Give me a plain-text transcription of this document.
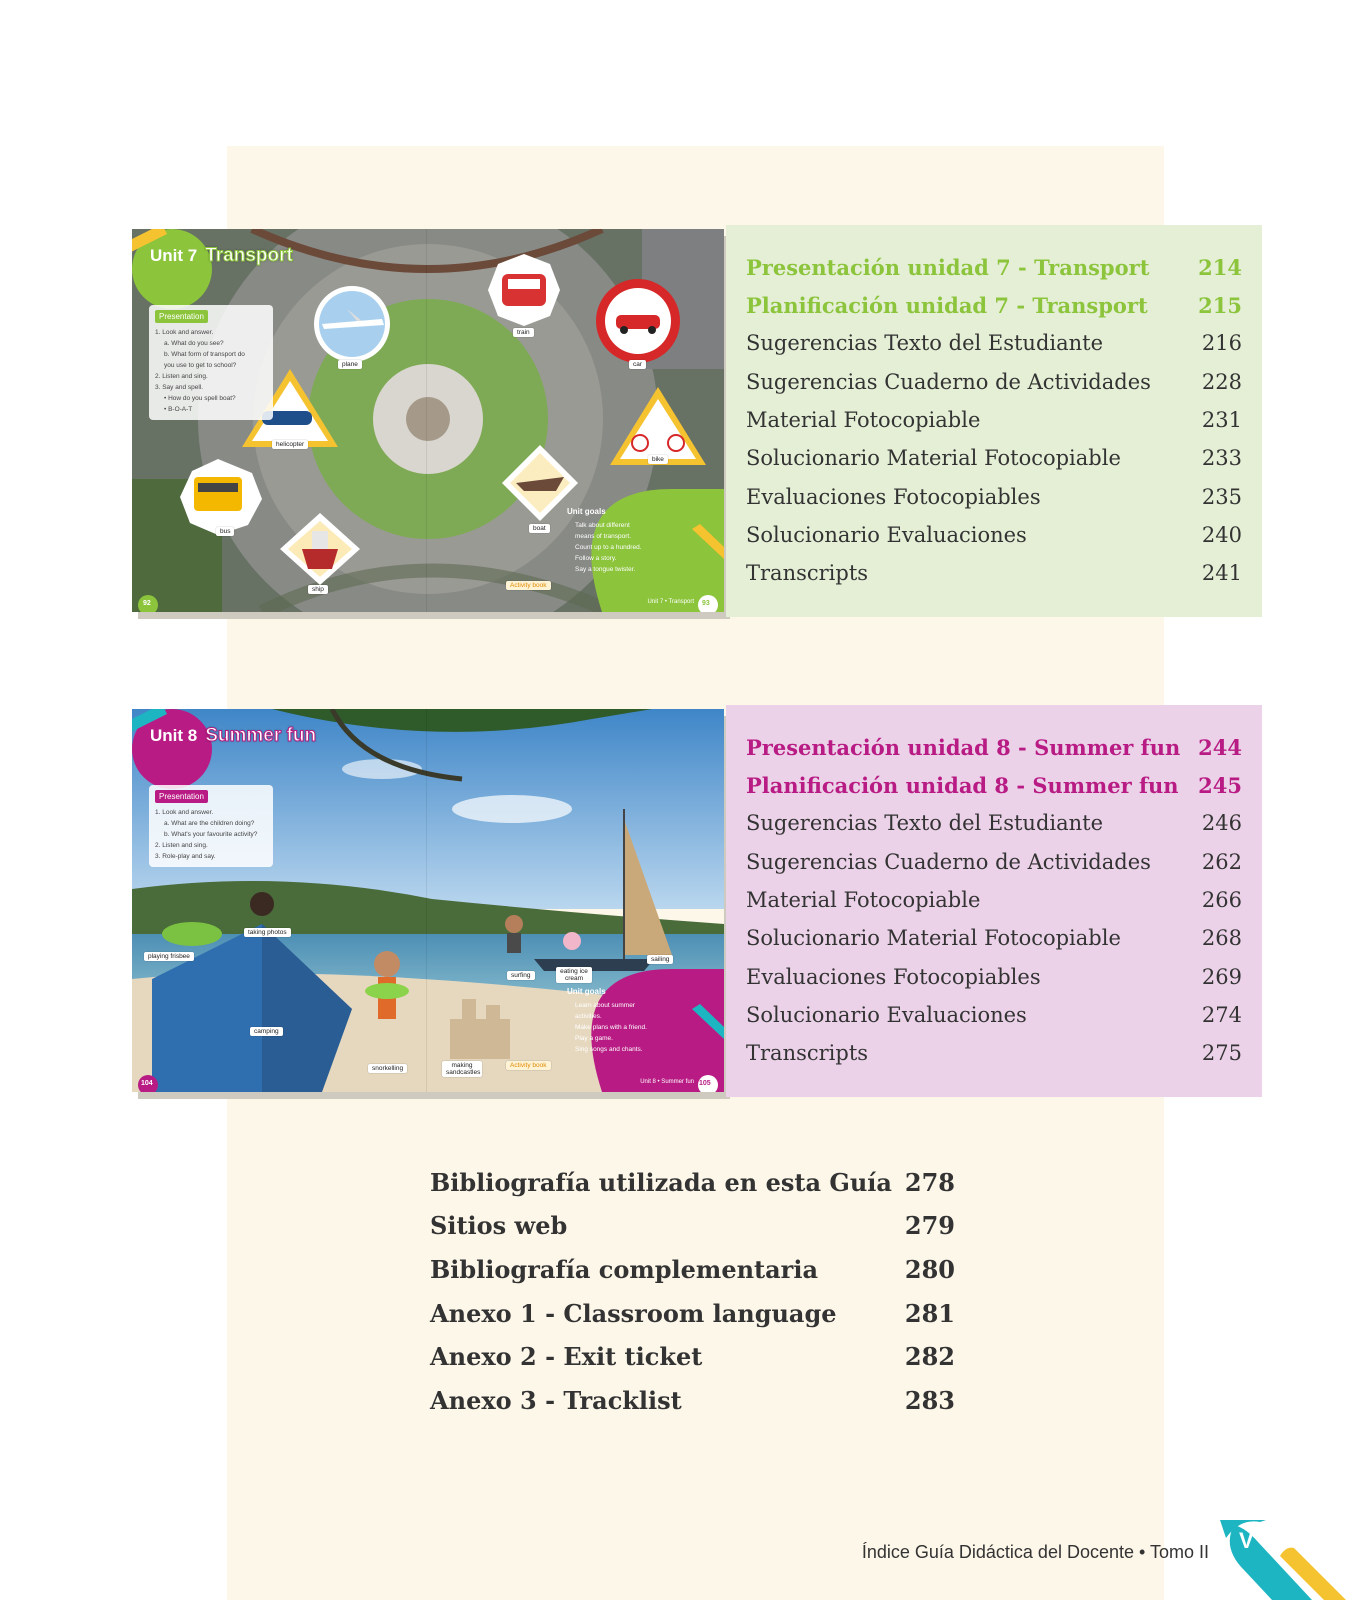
Unit 7 Transport
Presentation
1. Look and answer.
a. What do you see?
b. What form of transport do
you use to get to school?
2. Listen and sing.
3. Say and spell.
• How do you spell boat?
• B-O-A-T
plane
train
car
helicopter
bike
bus	boat
ship
Unit goals
Talk about different
means of transport.
Count up to a hundred.
Follow a story.
Say a tongue twister.
Activity book
92	Unit 7 • Transport 93
Presentación unidad 7 - Transport 214
Planificación unidad 7 - Transport 215
Sugerencias Texto del Estudiante	216
Sugerencias Cuaderno de Actividades 228
Material Fotocopiable	231
Solucionario Material Fotocopiable	233
Evaluaciones Fotocopiables	235
Solucionario Evaluaciones	240
Transcripts	241
Unit 8 Summer fun
Presentation
1. Look and answer.
a. What are the children doing?
b. What's your favourite activity?
2. Listen and sing.
3. Role-play and say.
taking photos
playing frisbee
surfing
eating ice cream
sailing
camping
snorkelling	making sandcastles
Unit goals
Learn about summer
activities.
Make plans with a friend.
Play a game.
Sing songs and chants.
Activity book
104	Unit 8 • Summer fun 105
Presentación unidad 8 - Summer fun 244
Planificación unidad 8 - Summer fun 245
Sugerencias Texto del Estudiante	246
Sugerencias Cuaderno de Actividades 262
Material Fotocopiable	266
Solucionario Material Fotocopiable	268
Evaluaciones Fotocopiables	269
Solucionario Evaluaciones	274
Transcripts	275
Bibliografía utilizada en esta Guía 278
Sitios web	279
Bibliografía complementaria	280
Anexo 1 - Classroom language	281
Anexo 2 - Exit ticket	282
Anexo 3 - Tracklist	283
Índice Guía Didáctica del Docente • Tomo II V
